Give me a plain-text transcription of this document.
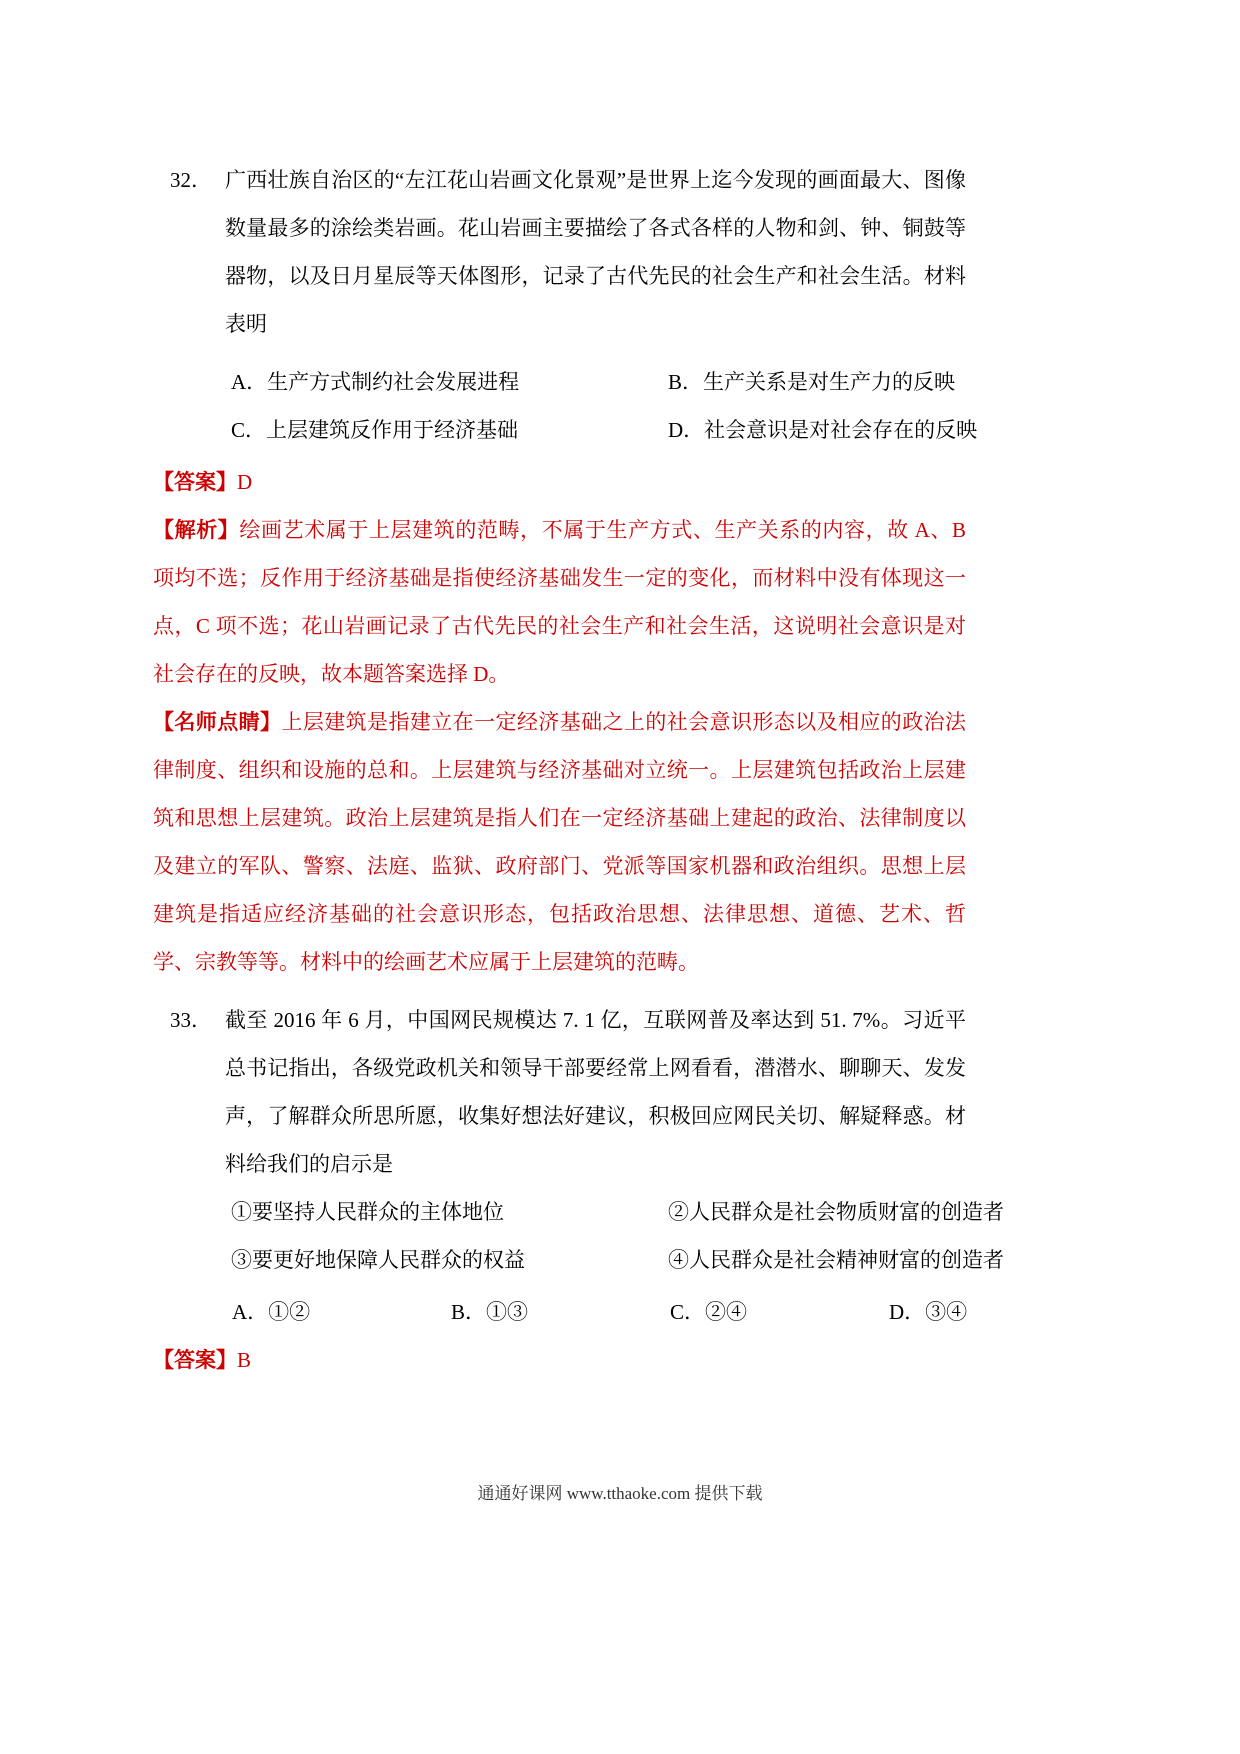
32． 广西壮族自治区的“左江花山岩画文化景观”是世界上迄今发现的画面最大、图像数量最多的涂绘类岩画。花山岩画主要描绘了各式各样的人物和剑、钟、铜鼓等器物，以及日月星辰等天体图形，记录了古代先民的社会生产和社会生活。材料表明
A．生产方式制约社会发展进程	B．生产关系是对生产力的反映
C．上层建筑反作用于经济基础	D．社会意识是对社会存在的反映
【答案】D
【解析】绘画艺术属于上层建筑的范畴，不属于生产方式、生产关系的内容，故 A、B 项均不选；反作用于经济基础是指使经济基础发生一定的变化，而材料中没有体现这一点，C 项不选；花山岩画记录了古代先民的社会生产和社会生活，这说明社会意识是对社会存在的反映，故本题答案选择 D。
【名师点睛】上层建筑是指建立在一定经济基础之上的社会意识形态以及相应的政治法律制度、组织和设施的总和。上层建筑与经济基础对立统一。上层建筑包括政治上层建筑和思想上层建筑。政治上层建筑是指人们在一定经济基础上建起的政治、法律制度以及建立的军队、警察、法庭、监狱、政府部门、党派等国家机器和政治组织。思想上层建筑是指适应经济基础的社会意识形态，包括政治思想、法律思想、道德、艺术、哲学、宗教等等。材料中的绘画艺术应属于上层建筑的范畴。
33． 截至 2016 年 6 月，中国网民规模达 7. 1 亿，互联网普及率达到 51. 7%。习近平总书记指出，各级党政机关和领导干部要经常上网看看，潜潜水、聊聊天、发发声，了解群众所思所愿，收集好想法好建议，积极回应网民关切、解疑释惑。材料给我们的启示是
①要坚持人民群众的主体地位	②人民群众是社会物质财富的创造者
③要更好地保障人民群众的权益	④人民群众是社会精神财富的创造者
A．①②	B．①③	C．②④	D．③④
【答案】B
通通好课网 www.tthaoke.com 提供下载
